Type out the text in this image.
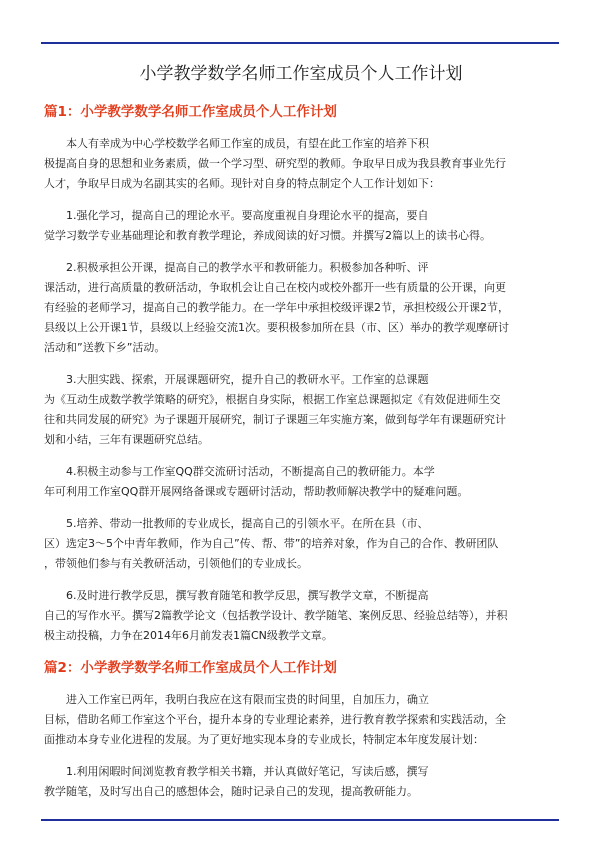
小学教学数学名师工作室成员个人工作计划
篇1：小学教学数学名师工作室成员个人工作计划

　　本人有幸成为中心学校数学名师工作室的成员，有望在此工作室的培养下积
极提高自身的思想和业务素质，做一个学习型、研究型的教师。争取早日成为我县教育事业先行
人才，争取早日成为名副其实的名师。现针对自身的特点制定个人工作计划如下：

　　1.强化学习，提高自己的理论水平。要高度重视自身理论水平的提高，要自
觉学习数学专业基础理论和教育教学理论，养成阅读的好习惯。并撰写2篇以上的读书心得。

　　2.积极承担公开课，提高自己的教学水平和教研能力。积极参加各种听、评
课活动，进行高质量的教研活动，争取机会让自己在校内或校外都开一些有质量的公开课，向更
有经验的老师学习，提高自己的教学能力。在一学年中承担校级评课2节，承担校级公开课2节，
县级以上公开课1节，县级以上经验交流1次。要积极参加所在县（市、区）举办的教学观摩研讨
活动和”送教下乡”活动。

　　3.大胆实践、探索，开展课题研究，提升自己的教研水平。工作室的总课题
为《互动生成数学教学策略的研究》，根据自身实际，根据工作室总课题拟定《有效促进师生交
往和共同发展的研究》为子课题开展研究，制订子课题三年实施方案，做到每学年有课题研究计
划和小结，三年有课题研究总结。

　　4.积极主动参与工作室QQ群交流研讨活动，不断提高自己的教研能力。本学
年可利用工作室QQ群开展网络备课或专题研讨活动，帮助教师解决教学中的疑难问题。

　　5.培养、带动一批教师的专业成长，提高自己的引领水平。在所在县（市、
区）选定3～5个中青年教师，作为自己”传、帮、带”的培养对象，作为自己的合作、教研团队
，带领他们参与有关教研活动，引领他们的专业成长。

　　6.及时进行教学反思，撰写教育随笔和教学反思，撰写教学文章，不断提高
自己的写作水平。撰写2篇教学论文（包括教学设计、教学随笔、案例反思、经验总结等），并积
极主动投稿，力争在2014年6月前发表1篇CN级教学文章。

篇2：小学教学数学名师工作室成员个人工作计划

　　进入工作室已两年，我明白我应在这有限而宝贵的时间里，自加压力，确立
目标，借助名师工作室这个平台，提升本身的专业理论素养，进行教育教学探索和实践活动，全
面推动本身专业化进程的发展。为了更好地实现本身的专业成长，特制定本年度发展计划：

　　1.利用闲暇时间浏览教育教学相关书籍，并认真做好笔记，写读后感，撰写
教学随笔，及时写出自己的感想体会，随时记录自己的发现，提高教研能力。
